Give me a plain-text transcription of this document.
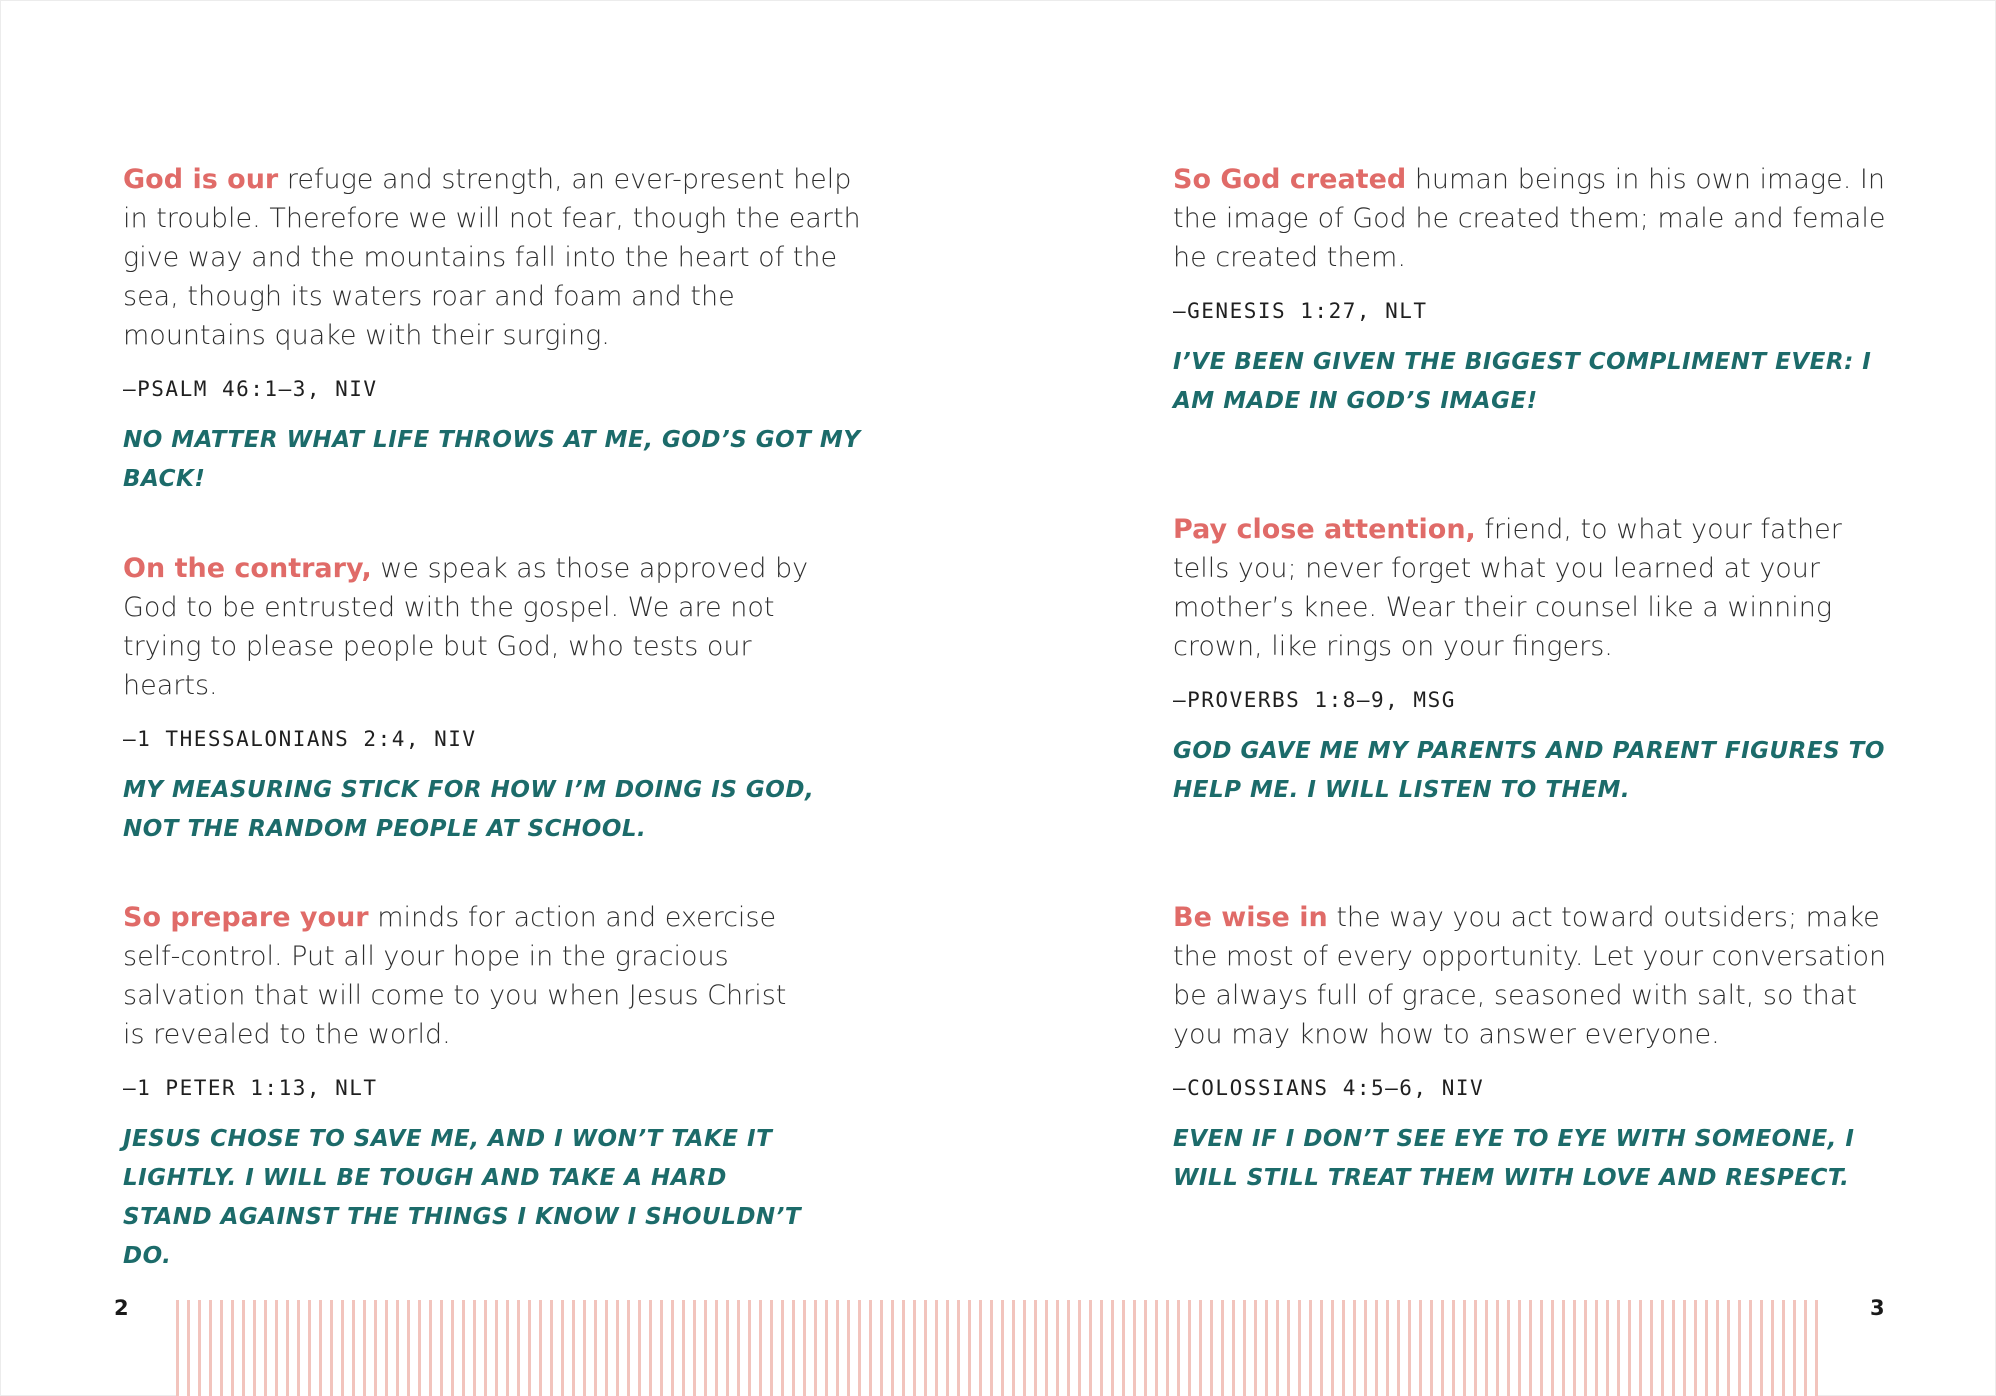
God is our refuge and strength, an ever-present help in trouble. Therefore we will not fear, though the earth give way and the mountains fall into the heart of the sea, though its waters roar and foam and the mountains quake with their surging.

–PSALM 46:1–3, NIV
NO MATTER WHAT LIFE THROWS AT ME, GOD’S GOT MY BACK!

On the contrary, we speak as those approved by God to be entrusted with the gospel. We are not trying to please people but God, who tests our hearts.

–1 THESSALONIANS 2:4, NIV
MY MEASURING STICK FOR HOW I’M DOING IS GOD, NOT THE RANDOM PEOPLE AT SCHOOL.

So prepare your minds for action and exercise self-control. Put all your hope in the gracious salvation that will come to you when Jesus Christ is revealed to the world.

–1 PETER 1:13, NLT
JESUS CHOSE TO SAVE ME, AND I WON’T TAKE IT LIGHTLY. I WILL BE TOUGH AND TAKE A HARD STAND AGAINST THE THINGS I KNOW I SHOULDN’T DO.

So God created human beings in his own image. In the image of God he created them; male and female he created them.

–GENESIS 1:27, NLT
I’VE BEEN GIVEN THE BIGGEST COMPLIMENT EVER: I AM MADE IN GOD’S IMAGE!

Pay close attention, friend, to what your father tells you; never forget what you learned at your mother’s knee. Wear their counsel like a winning crown, like rings on your fingers.

–PROVERBS 1:8–9, MSG
GOD GAVE ME MY PARENTS AND PARENT FIGURES TO HELP ME. I WILL LISTEN TO THEM.

Be wise in the way you act toward outsiders; make the most of every opportunity. Let your conversation be always full of grace, seasoned with salt, so that you may know how to answer everyone.

–COLOSSIANS 4:5–6, NIV
EVEN IF I DON’T SEE EYE TO EYE WITH SOMEONE, I WILL STILL TREAT THEM WITH LOVE AND RESPECT.
2	3
